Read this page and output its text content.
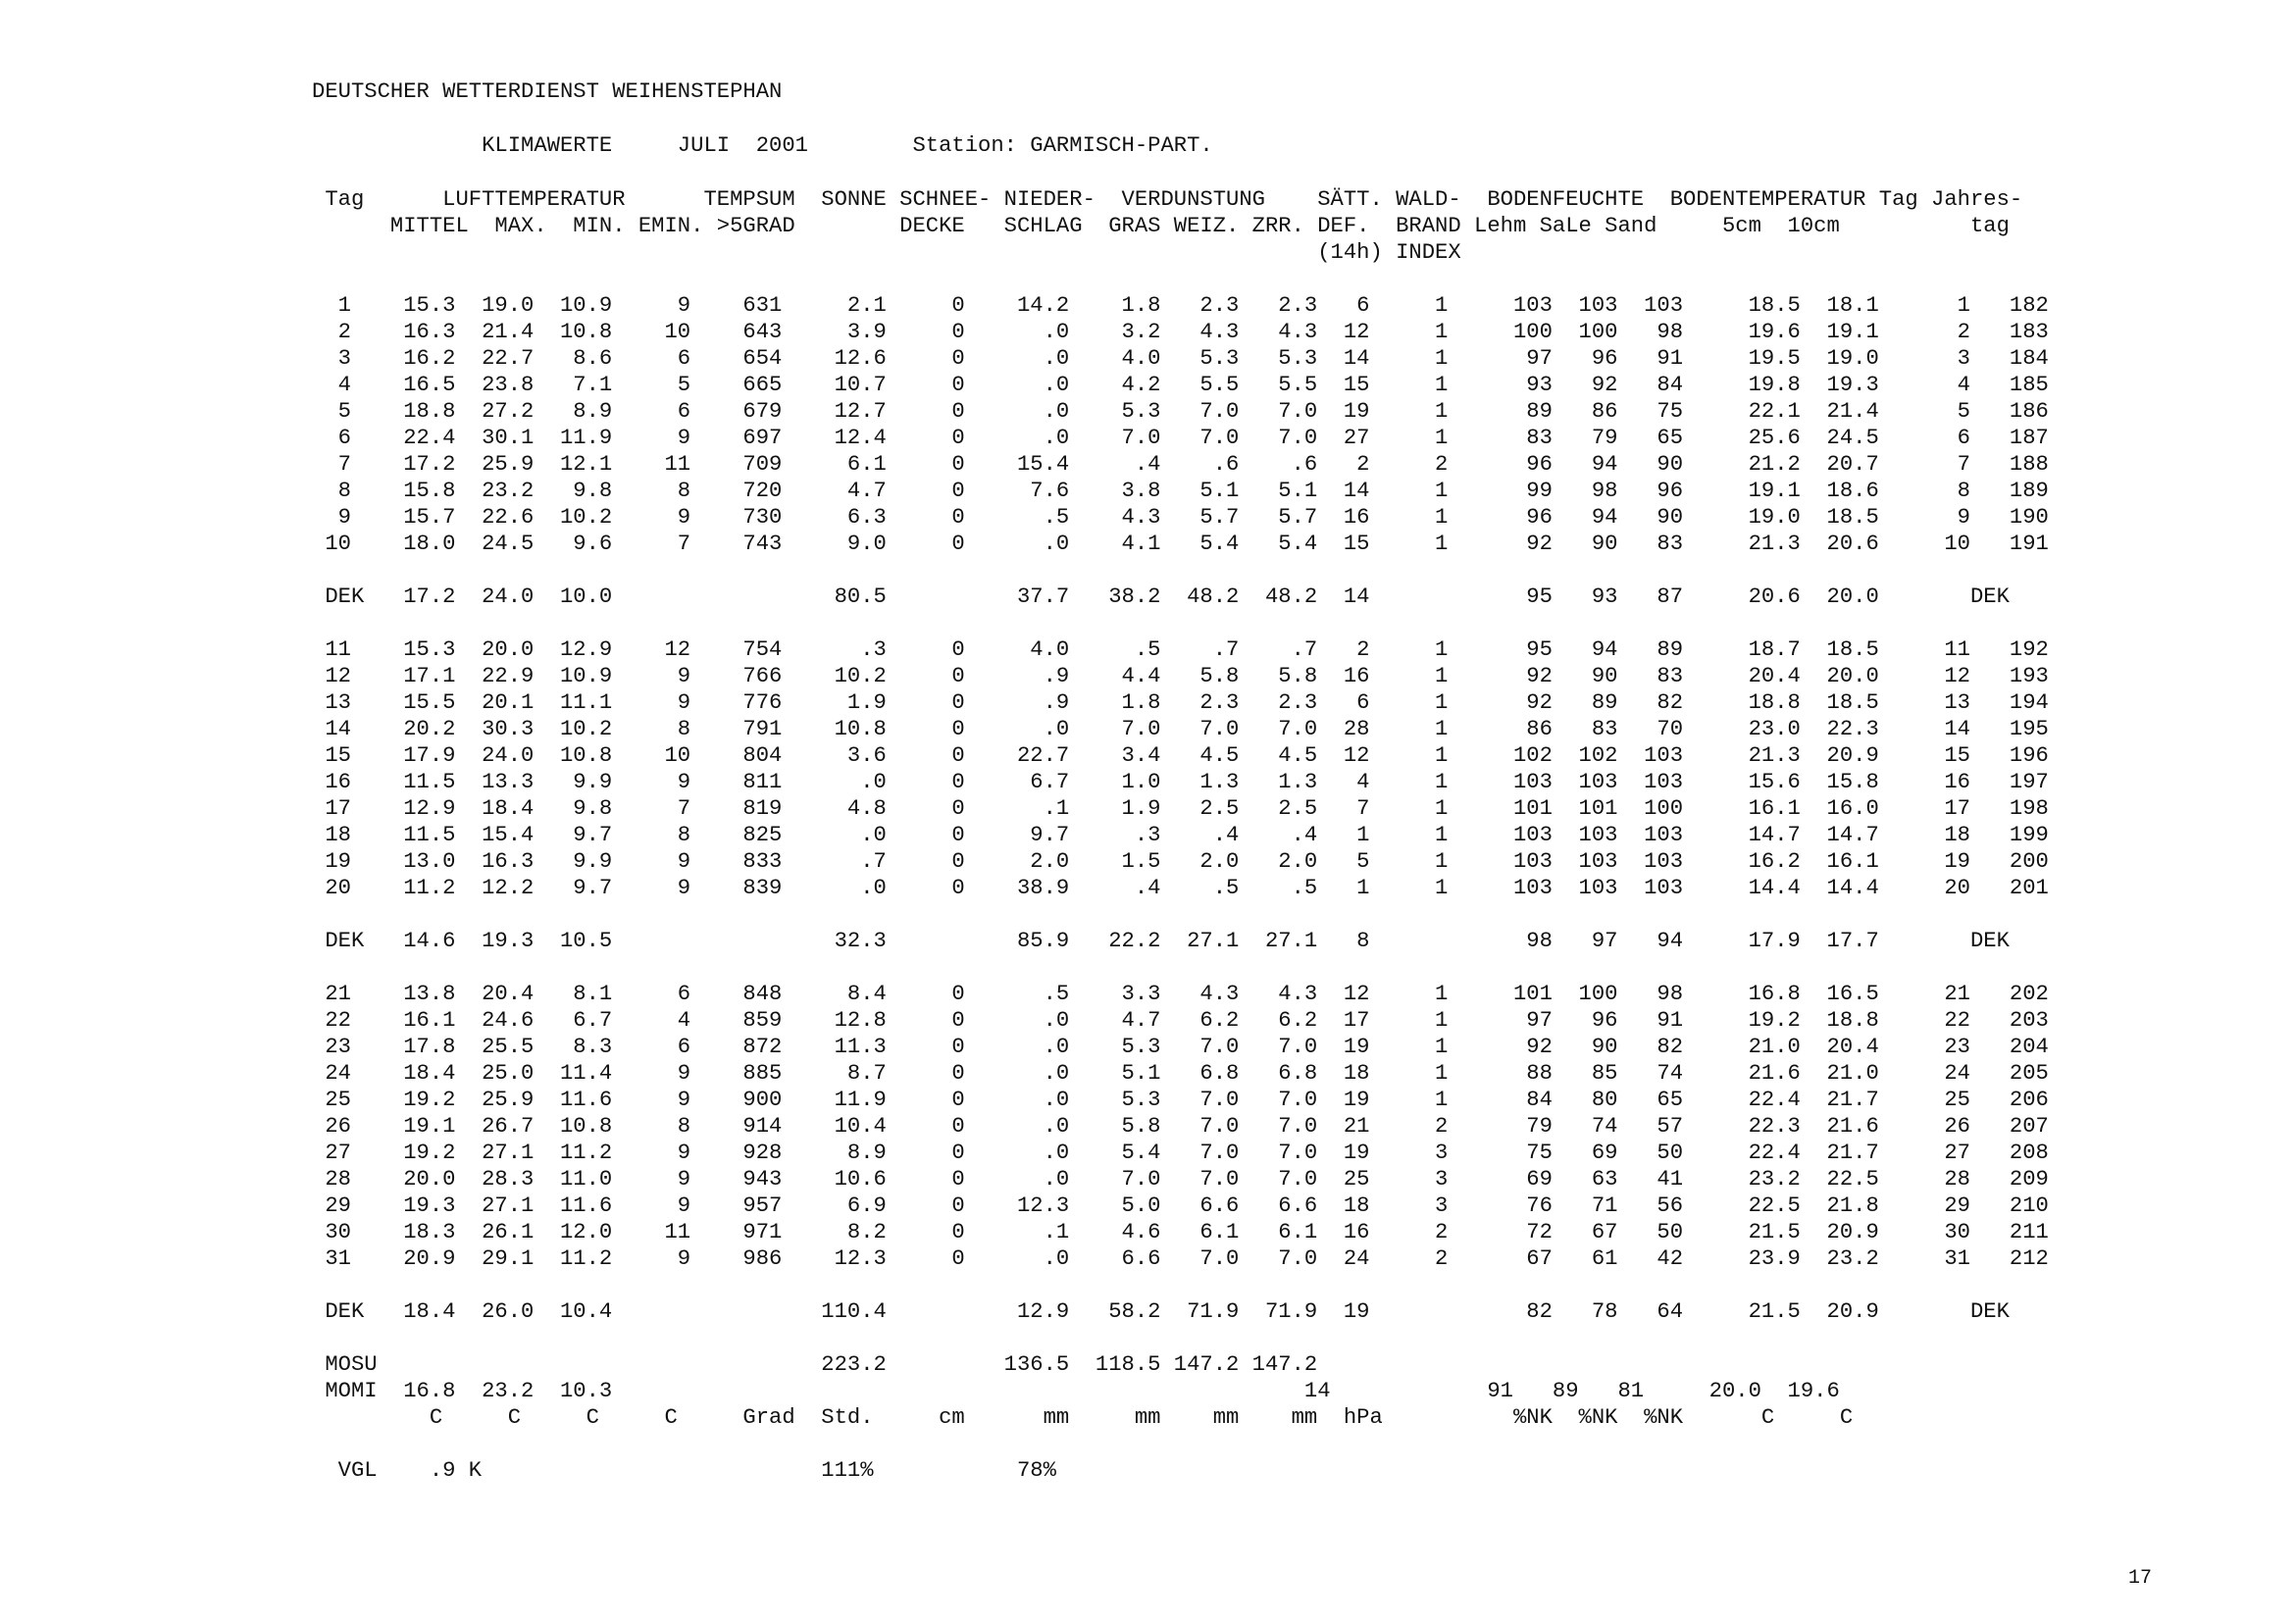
DEUTSCHER WETTERDIENST WEIHENSTEPHAN
KLIMAWERTE     JULI  2001        Station: GARMISCH-PART.
Tag      LUFTTEMPERATUR      TEMPSUM  SONNE SCHNEE- NIEDER-  VERDUNSTUNG    SÄTT. WALD-  BODENFEUCHTE  BODENTEMPERATUR Tag Jahres-
MITTEL  MAX.  MIN. EMIN. >5GRAD        DECKE   SCHLAG  GRAS WEIZ. ZRR. DEF.  BRAND Lehm SaLe Sand     5cm  10cm          tag
(14h) INDEX
1    15.3  19.0  10.9     9    631     2.1     0    14.2    1.8   2.3   2.3   6     1     103  103  103     18.5  18.1      1   182
2    16.3  21.4  10.8    10    643     3.9     0      .0    3.2   4.3   4.3  12     1     100  100   98     19.6  19.1      2   183
3    16.2  22.7   8.6     6    654    12.6     0      .0    4.0   5.3   5.3  14     1      97   96   91     19.5  19.0      3   184
4    16.5  23.8   7.1     5    665    10.7     0      .0    4.2   5.5   5.5  15     1      93   92   84     19.8  19.3      4   185
5    18.8  27.2   8.9     6    679    12.7     0      .0    5.3   7.0   7.0  19     1      89   86   75     22.1  21.4      5   186
6    22.4  30.1  11.9     9    697    12.4     0      .0    7.0   7.0   7.0  27     1      83   79   65     25.6  24.5      6   187
7    17.2  25.9  12.1    11    709     6.1     0    15.4     .4    .6    .6   2     2      96   94   90     21.2  20.7      7   188
8    15.8  23.2   9.8     8    720     4.7     0     7.6    3.8   5.1   5.1  14     1      99   98   96     19.1  18.6      8   189
9    15.7  22.6  10.2     9    730     6.3     0      .5    4.3   5.7   5.7  16     1      96   94   90     19.0  18.5      9   190
10    18.0  24.5   9.6     7    743     9.0     0      .0    4.1   5.4   5.4  15     1      92   90   83     21.3  20.6     10   191
DEK   17.2  24.0  10.0                 80.5          37.7   38.2  48.2  48.2  14            95   93   87     20.6  20.0       DEK
11    15.3  20.0  12.9    12    754      .3     0     4.0     .5    .7    .7   2     1      95   94   89     18.7  18.5     11   192
12    17.1  22.9  10.9     9    766    10.2     0      .9    4.4   5.8   5.8  16     1      92   90   83     20.4  20.0     12   193
13    15.5  20.1  11.1     9    776     1.9     0      .9    1.8   2.3   2.3   6     1      92   89   82     18.8  18.5     13   194
14    20.2  30.3  10.2     8    791    10.8     0      .0    7.0   7.0   7.0  28     1      86   83   70     23.0  22.3     14   195
15    17.9  24.0  10.8    10    804     3.6     0    22.7    3.4   4.5   4.5  12     1     102  102  103     21.3  20.9     15   196
16    11.5  13.3   9.9     9    811      .0     0     6.7    1.0   1.3   1.3   4     1     103  103  103     15.6  15.8     16   197
17    12.9  18.4   9.8     7    819     4.8     0      .1    1.9   2.5   2.5   7     1     101  101  100     16.1  16.0     17   198
18    11.5  15.4   9.7     8    825      .0     0     9.7     .3    .4    .4   1     1     103  103  103     14.7  14.7     18   199
19    13.0  16.3   9.9     9    833      .7     0     2.0    1.5   2.0   2.0   5     1     103  103  103     16.2  16.1     19   200
20    11.2  12.2   9.7     9    839      .0     0    38.9     .4    .5    .5   1     1     103  103  103     14.4  14.4     20   201
DEK   14.6  19.3  10.5                 32.3          85.9   22.2  27.1  27.1   8            98   97   94     17.9  17.7       DEK
21    13.8  20.4   8.1     6    848     8.4     0      .5    3.3   4.3   4.3  12     1     101  100   98     16.8  16.5     21   202
22    16.1  24.6   6.7     4    859    12.8     0      .0    4.7   6.2   6.2  17     1      97   96   91     19.2  18.8     22   203
23    17.8  25.5   8.3     6    872    11.3     0      .0    5.3   7.0   7.0  19     1      92   90   82     21.0  20.4     23   204
24    18.4  25.0  11.4     9    885     8.7     0      .0    5.1   6.8   6.8  18     1      88   85   74     21.6  21.0     24   205
25    19.2  25.9  11.6     9    900    11.9     0      .0    5.3   7.0   7.0  19     1      84   80   65     22.4  21.7     25   206
26    19.1  26.7  10.8     8    914    10.4     0      .0    5.8   7.0   7.0  21     2      79   74   57     22.3  21.6     26   207
27    19.2  27.1  11.2     9    928     8.9     0      .0    5.4   7.0   7.0  19     3      75   69   50     22.4  21.7     27   208
28    20.0  28.3  11.0     9    943    10.6     0      .0    7.0   7.0   7.0  25     3      69   63   41     23.2  22.5     28   209
29    19.3  27.1  11.6     9    957     6.9     0    12.3    5.0   6.6   6.6  18     3      76   71   56     22.5  21.8     29   210
30    18.3  26.1  12.0    11    971     8.2     0      .1    4.6   6.1   6.1  16     2      72   67   50     21.5  20.9     30   211
31    20.9  29.1  11.2     9    986    12.3     0      .0    6.6   7.0   7.0  24     2      67   61   42     23.9  23.2     31   212
DEK   18.4  26.0  10.4                110.4          12.9   58.2  71.9  71.9  19            82   78   64     21.5  20.9       DEK
MOSU                                  223.2         136.5  118.5 147.2 147.2
MOMI  16.8  23.2  10.3                                                     14            91   89   81     20.0  19.6
C     C     C     C     Grad  Std.     cm      mm     mm    mm    mm  hPa          %NK  %NK  %NK      C     C
VGL    .9 K                          111%           78%
17
